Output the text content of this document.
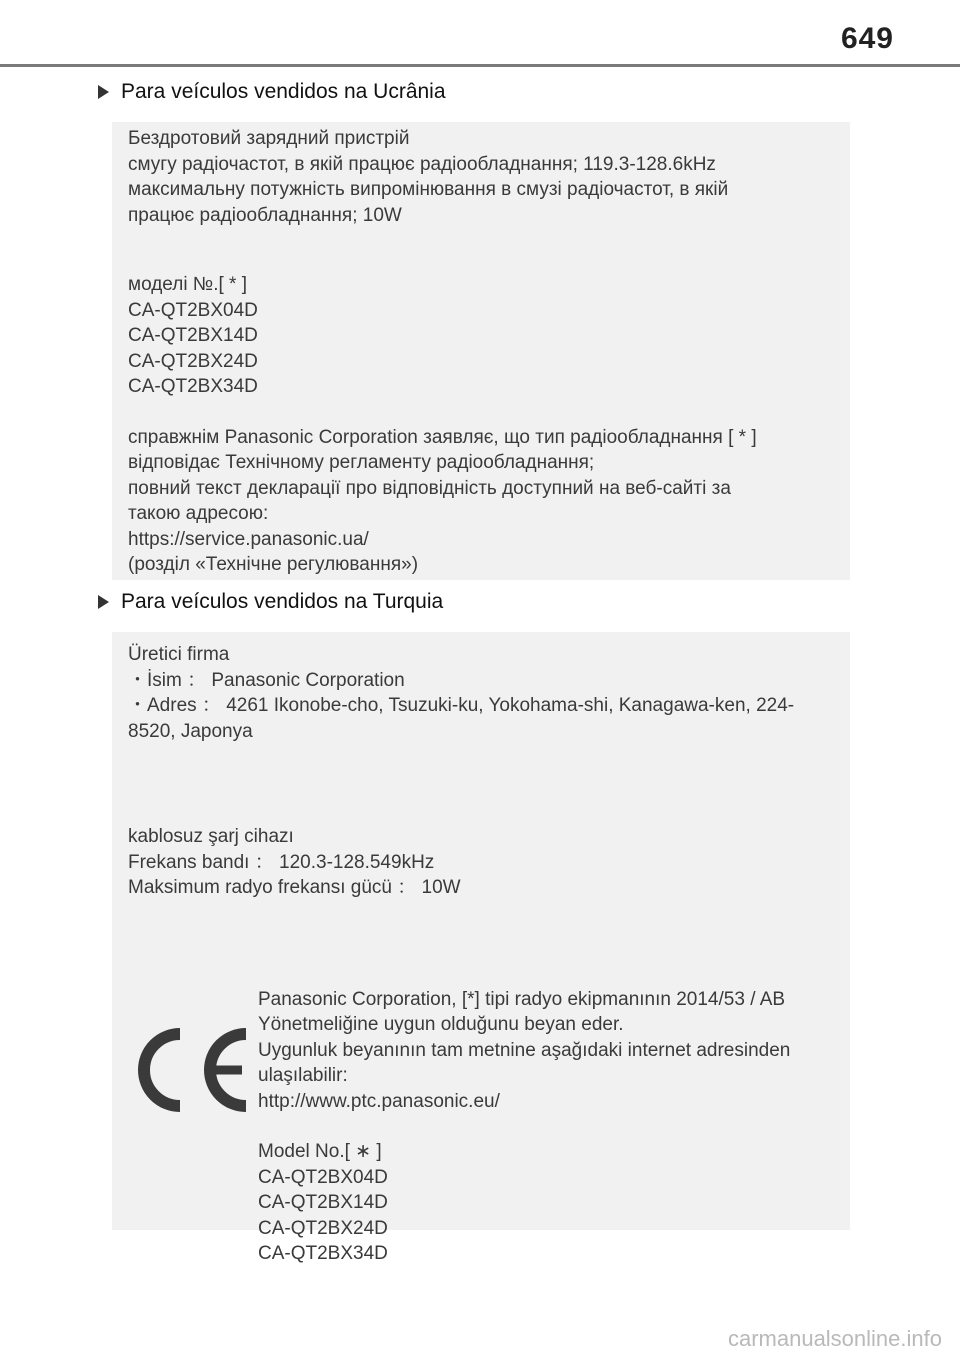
649
Para veículos vendidos na Ucrânia
Бездротовий зарядний пристрій
смугу радіочастот, в якій працює радіообладнання; 119.3-128.6kHz
максимальну потужність випромінювання в смузі радіочастот, в якій
працює радіообладнання; 10W
моделі №.[ * ]
CA-QT2BX04D
CA-QT2BX14D
CA-QT2BX24D
CA-QT2BX34D
справжнім Panasonic Corporation заявляє, що тип радіообладнання [ * ]
відповідає Технічному регламенту радіообладнання;
повний текст декларації про відповідність доступний на веб-сайті за
такою адресою:
https://service.panasonic.ua/
(розділ «Технічне регулювання»)
Para veículos vendidos na Turquia
Üretici firma
・İsim ： Panasonic Corporation
・Adres ： 4261 Ikonobe-cho, Tsuzuki-ku, Yokohama-shi, Kanagawa-ken, 224-
8520, Japonya
kablosuz şarj cihazı
Frekans bandı ： 120.3-128.549kHz
Maksimum radyo frekansı gücü ： 10W
Panasonic Corporation, [*] tipi radyo ekipmanının 2014/53 / AB
Yönetmeliğine uygun olduğunu beyan eder.
Uygunluk beyanının tam metnine aşağıdaki internet adresinden
ulaşılabilir:
http://www.ptc.panasonic.eu/
Model No.[ ∗ ]
CA-QT2BX04D
CA-QT2BX14D
CA-QT2BX24D
CA-QT2BX34D
carmanualsonline.info
